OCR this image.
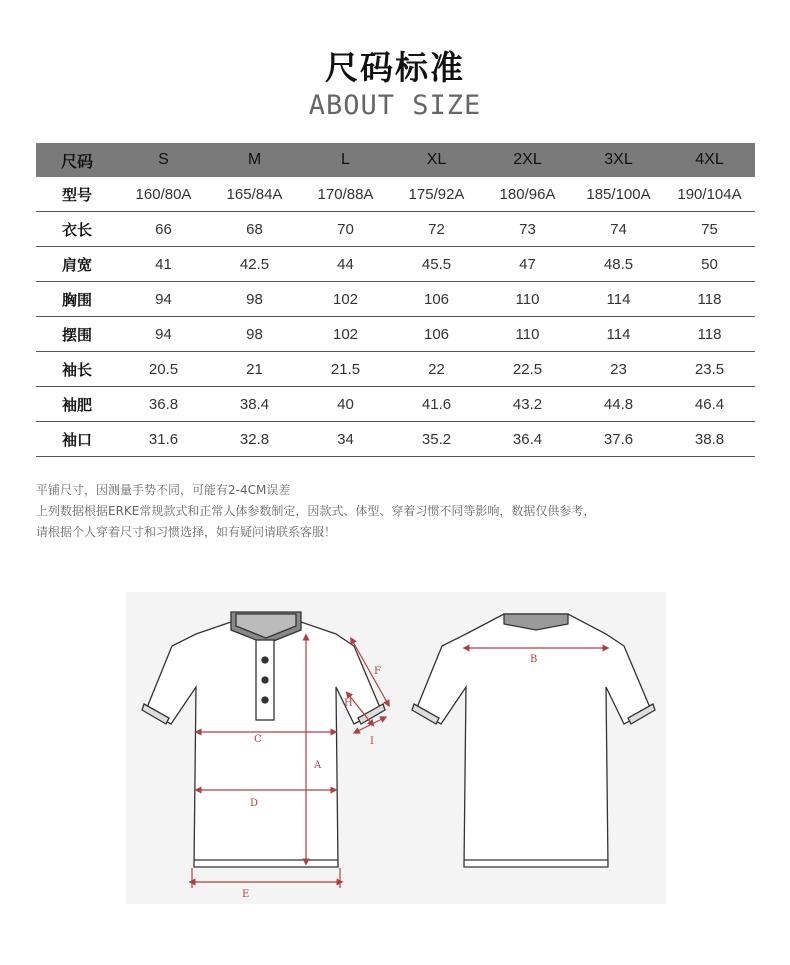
尺码标准
ABOUT SIZE
尺码	S	M	L	XL	2XL	3XL	4XL
型号	160/80A	165/84A	170/88A	175/92A	180/96A	185/100A	190/104A
衣长	66	68	70	72	73	74	75
肩宽	41	42.5	44	45.5	47	48.5	50
胸围	94	98	102	106	110	114	118
摆围	94	98	102	106	110	114	118
袖长	20.5	21	21.5	22	22.5	23	23.5
袖肥	36.8	38.4	40	41.6	43.2	44.8	46.4
袖口	31.6	32.8	34	35.2	36.4	37.6	38.8
平铺尺寸，因测量手势不同，可能有2-4CM误差
上列数据根据ERKE常规款式和正常人体参数制定，因款式、体型、穿着习惯不同等影响，数据仅供参考，
请根据个人穿着尺寸和习惯选择，如有疑问请联系客服！
C
D
E
A
F
H
I
B
